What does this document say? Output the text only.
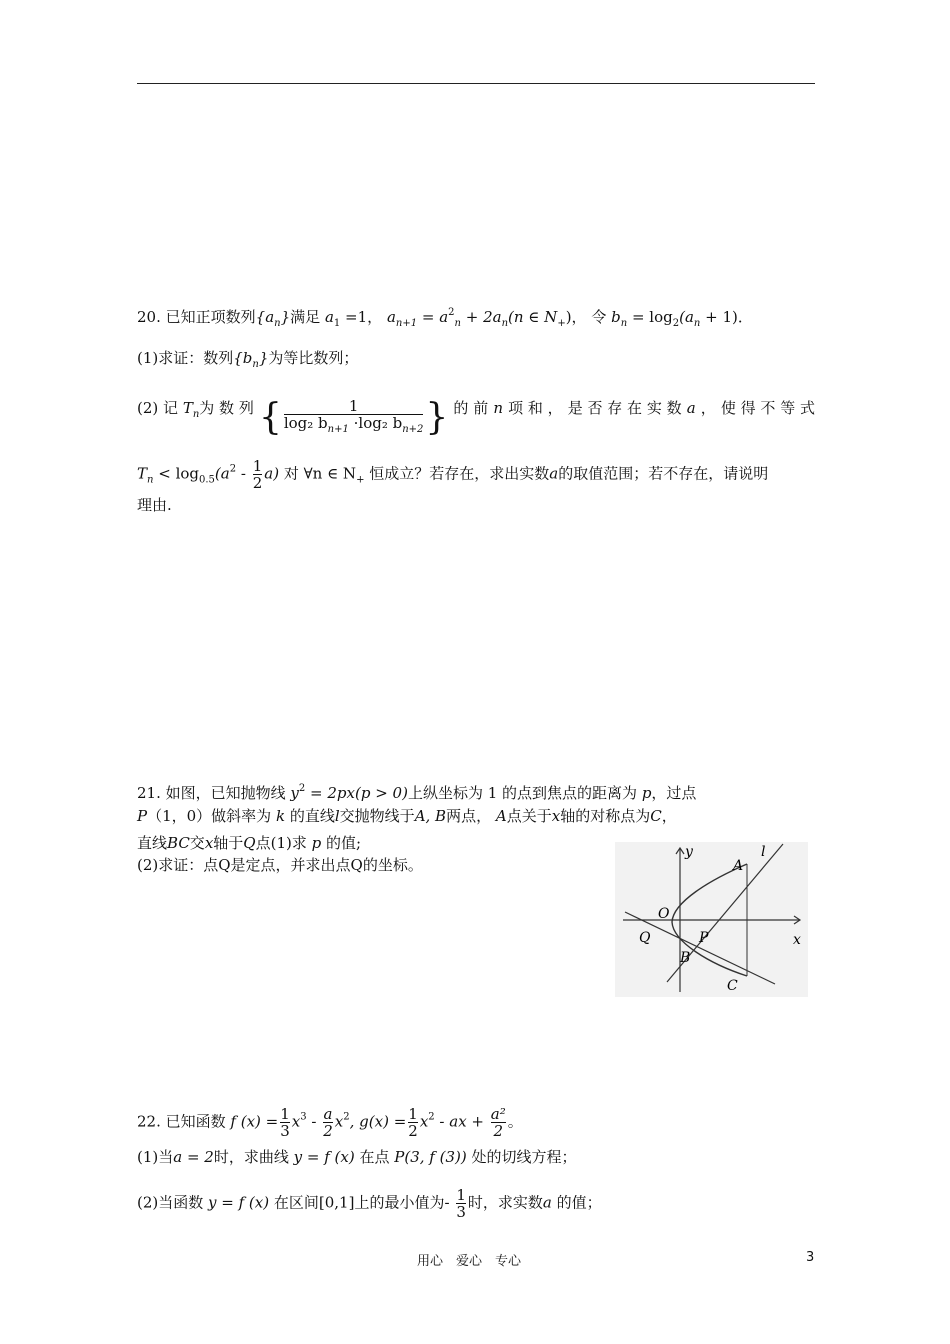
20. 已知正项数列$\{a_n\}$满足 $a_1 =1$， $a_{n+1} = a^2_n + 2a_n(n$ ∈ $N_+$)， 令 $b_n = \log_2(a_n + 1)$．
(1)求证：数列$\{b_n\}$为等比数列；
(2) 记 $T_n$为 数 列 { $\frac{1}{\log_2 b_{n+1} \cdot\log_2 b_{n+2}}$ } 的 前 n 项 和 ， 是 否 存 在 实 数 a ， 使 得 不 等 式
$T_n < \log_{0.5}(a^2 - \frac{1}{2} a)$ 对 ∀n ∈ $N_+$ 恒成立？若存在，求出实数a的取值范围；若不存在，请说明
理由.
21. 如图，已知抛物线 $y^2 = 2px(p > 0)$上纵坐标为 1 的点到焦点的距离为 p，过点
P（1，0）做斜率为 k 的直线l交抛物线于A, B两点， A点关于x轴的对称点为C，
直线BC交x轴于Q点(1)求 p 的值;
(2)求证：点Q是定点，并求出点Q的坐标。
y
A
l
O
Q	P	x
B
C
22. 已知函数 f $(x) = \frac{1}{3} x^3 - \frac{a}{2} x^2$, $g(x) = \frac{1}{2} x^2$ - ax + $\frac{\text{a²}}{2}$ 。
(1)当a = 2时，求曲线 y = f (x) 在点 P(3, f (3)) 处的切线方程；
(2)当函数 y = f (x) 在区间[0,1]上的最小值为- $\frac{1}{3}$ 时，求实数a 的值；
用心　爱心　专心	3
